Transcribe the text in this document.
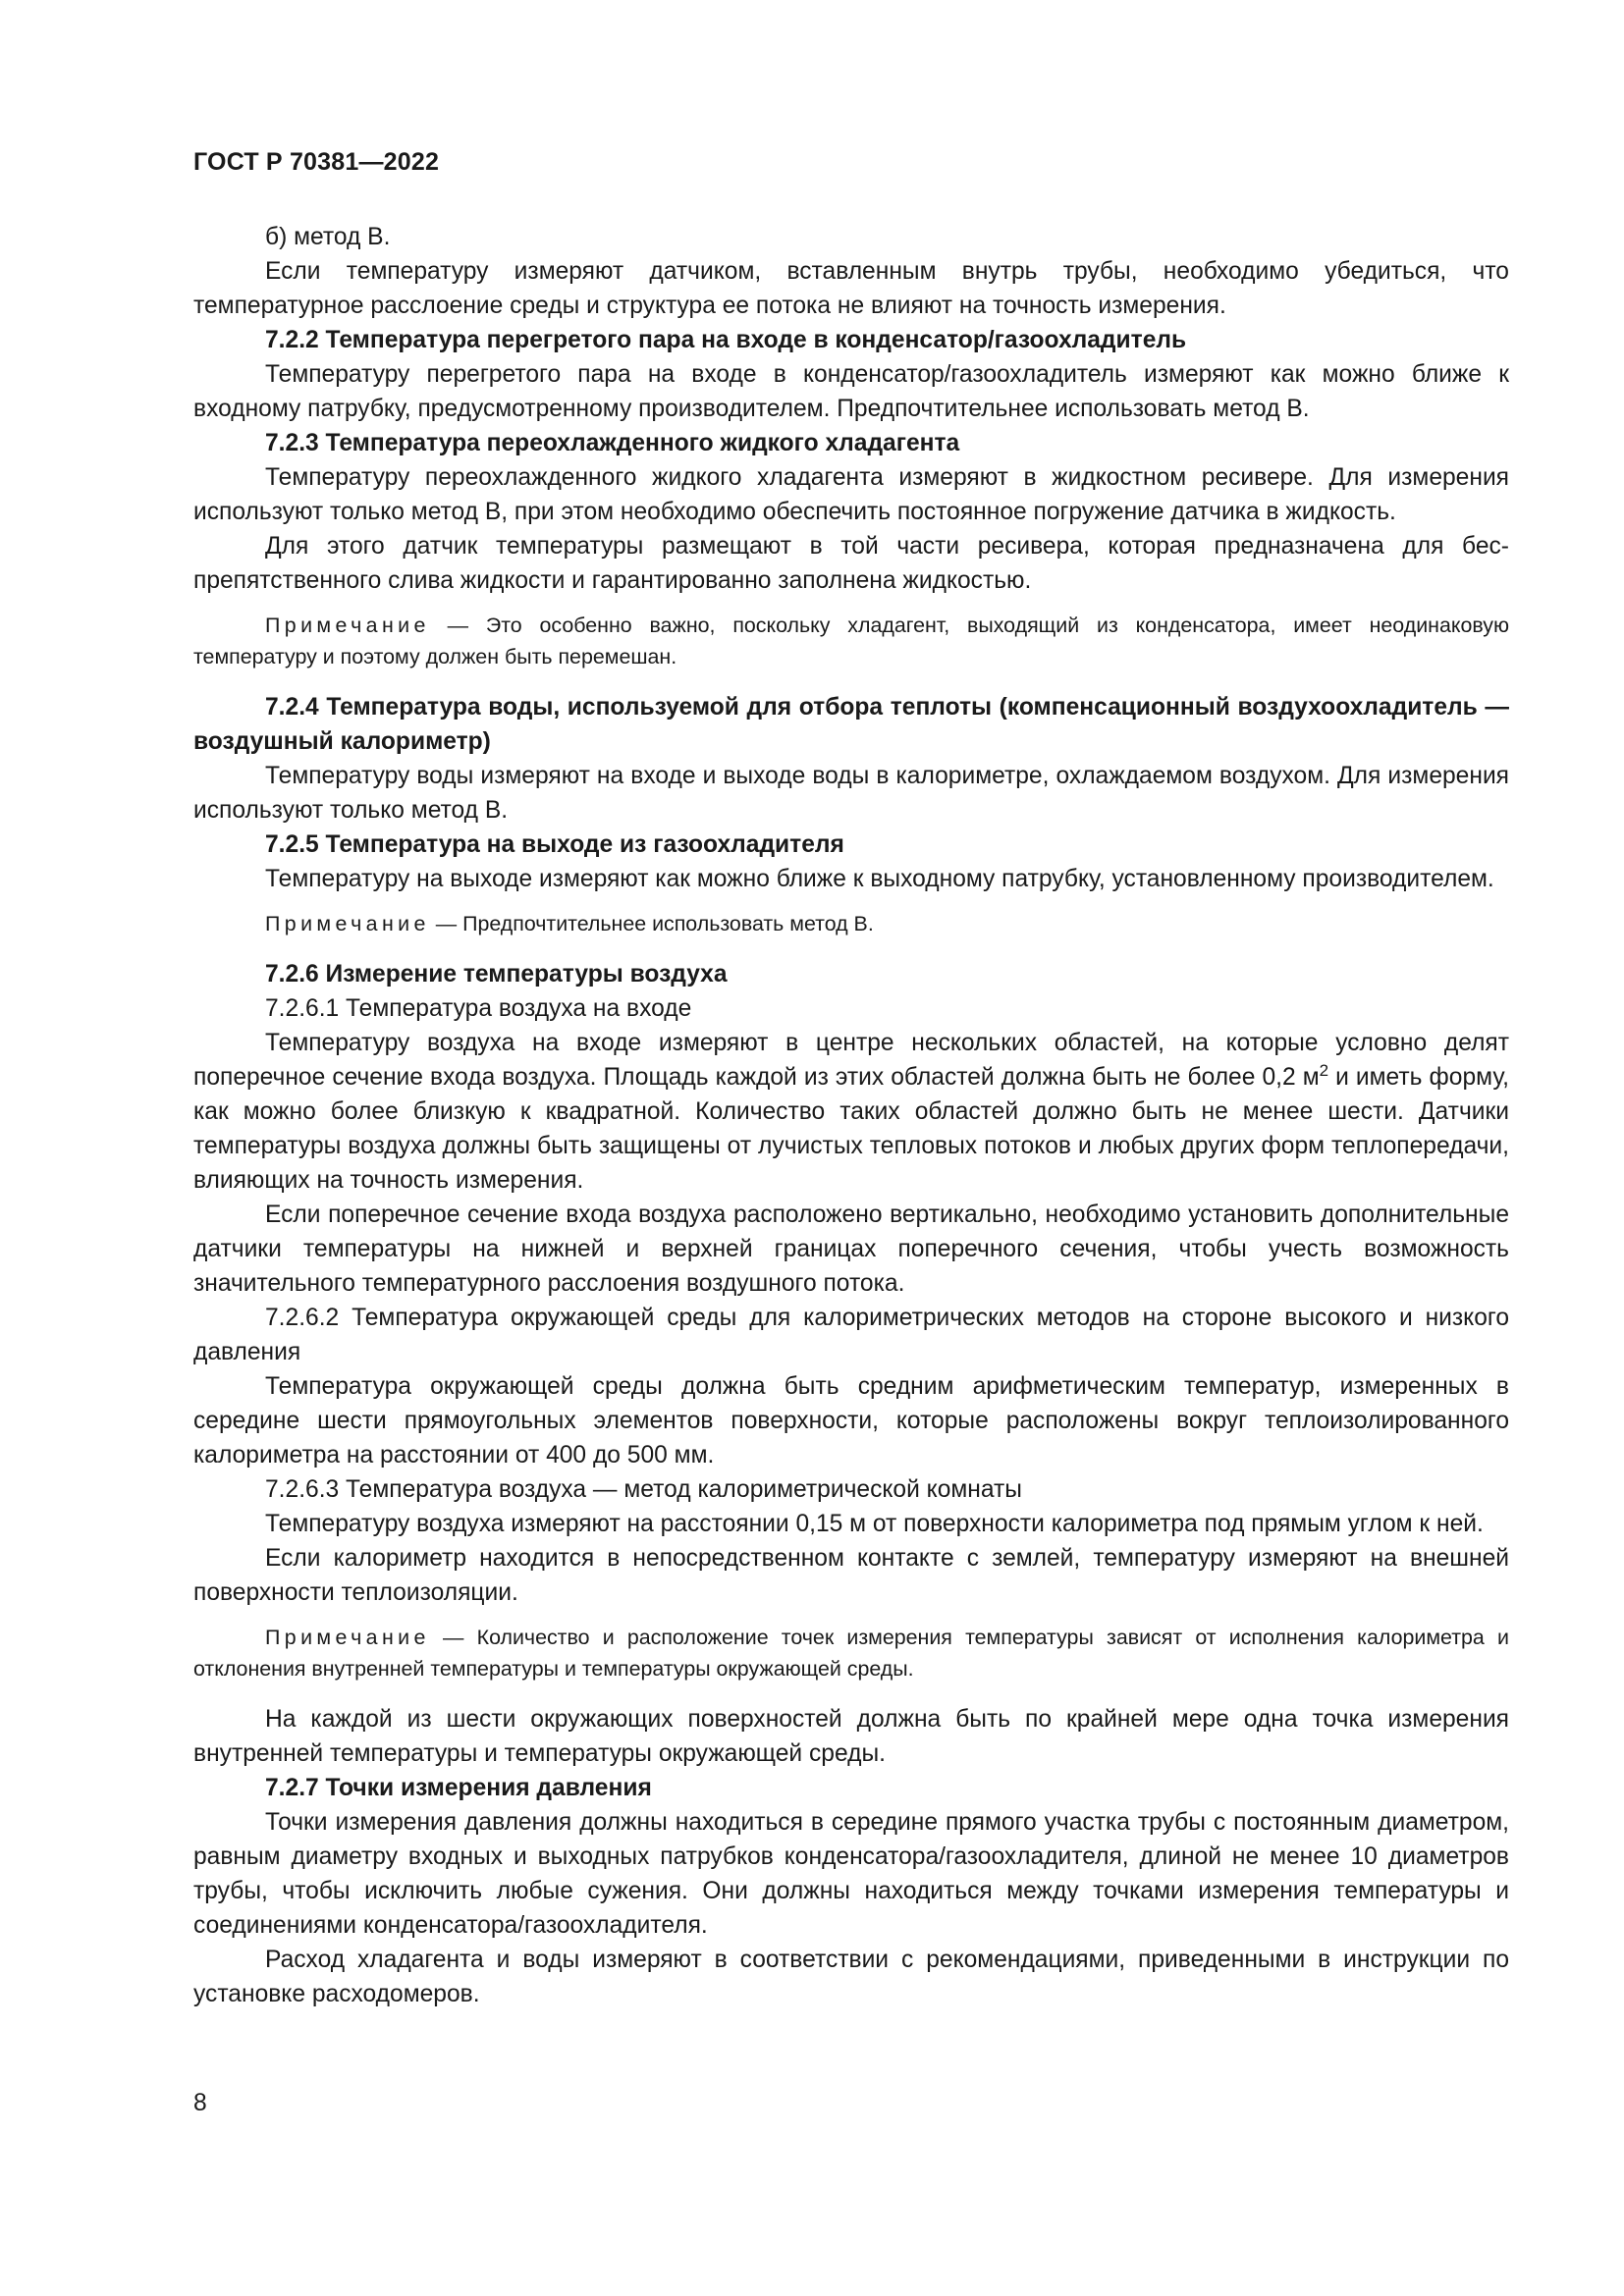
ГОСТ Р 70381—2022

б) метод В.

Если температуру измеряют датчиком, вставленным внутрь трубы, необходимо убедиться, что температурное расслоение среды и структура ее потока не влияют на точность измерения.

7.2.2 Температура перегретого пара на входе в конденсатор/газоохладитель

Температуру перегретого пара на входе в конденсатор/газоохладитель измеряют как можно ближе к входному патрубку, предусмотренному производителем. Предпочтительнее использовать метод В.

7.2.3 Температура переохлажденного жидкого хладагента

Температуру переохлажденного жидкого хладагента измеряют в жидкостном ресивере. Для измерения используют только метод В, при этом необходимо обеспечить постоянное погружение датчика в жидкость.

Для этого датчик температуры размещают в той части ресивера, которая предназначена для беспрепятственного слива жидкости и гарантированно заполнена жидкостью.

Примечание — Это особенно важно, поскольку хладагент, выходящий из конденсатора, имеет неодинаковую температуру и поэтому должен быть перемешан.

7.2.4 Температура воды, используемой для отбора теплоты (компенсационный воздухоохладитель — воздушный калориметр)

Температуру воды измеряют на входе и выходе воды в калориметре, охлаждаемом воздухом. Для измерения используют только метод В.

7.2.5 Температура на выходе из газоохладителя

Температуру на выходе измеряют как можно ближе к выходному патрубку, установленному производителем.

Примечание — Предпочтительнее использовать метод В.

7.2.6 Измерение температуры воздуха

7.2.6.1 Температура воздуха на входе

Температуру воздуха на входе измеряют в центре нескольких областей, на которые условно делят поперечное сечение входа воздуха. Площадь каждой из этих областей должна быть не более 0,2 $м^2$ и иметь форму, как можно более близкую к квадратной. Количество таких областей должно быть не менее шести. Датчики температуры воздуха должны быть защищены от лучистых тепловых потоков и любых других форм теплопередачи, влияющих на точность измерения.

Если поперечное сечение входа воздуха расположено вертикально, необходимо установить дополнительные датчики температуры на нижней и верхней границах поперечного сечения, чтобы учесть возможность значительного температурного расслоения воздушного потока.

7.2.6.2 Температура окружающей среды для калориметрических методов на стороне высокого и низкого давления

Температура окружающей среды должна быть средним арифметическим температур, измеренных в середине шести прямоугольных элементов поверхности, которые расположены вокруг теплоизолированного калориметра на расстоянии от 400 до 500 мм.

7.2.6.3 Температура воздуха — метод калориметрической комнаты

Температуру воздуха измеряют на расстоянии 0,15 м от поверхности калориметра под прямым углом к ней.

Если калориметр находится в непосредственном контакте с землей, температуру измеряют на внешней поверхности теплоизоляции.

Примечание — Количество и расположение точек измерения температуры зависят от исполнения калориметра и отклонения внутренней температуры и температуры окружающей среды.

На каждой из шести окружающих поверхностей должна быть по крайней мере одна точка измерения внутренней температуры и температуры окружающей среды.

7.2.7 Точки измерения давления

Точки измерения давления должны находиться в середине прямого участка трубы с постоянным диаметром, равным диаметру входных и выходных патрубков конденсатора/газоохладителя, длиной не менее 10 диаметров трубы, чтобы исключить любые сужения. Они должны находиться между точками измерения температуры и соединениями конденсатора/газоохладителя.

Расход хладагента и воды измеряют в соответствии с рекомендациями, приведенными в инструкции по установке расходомеров.

8
